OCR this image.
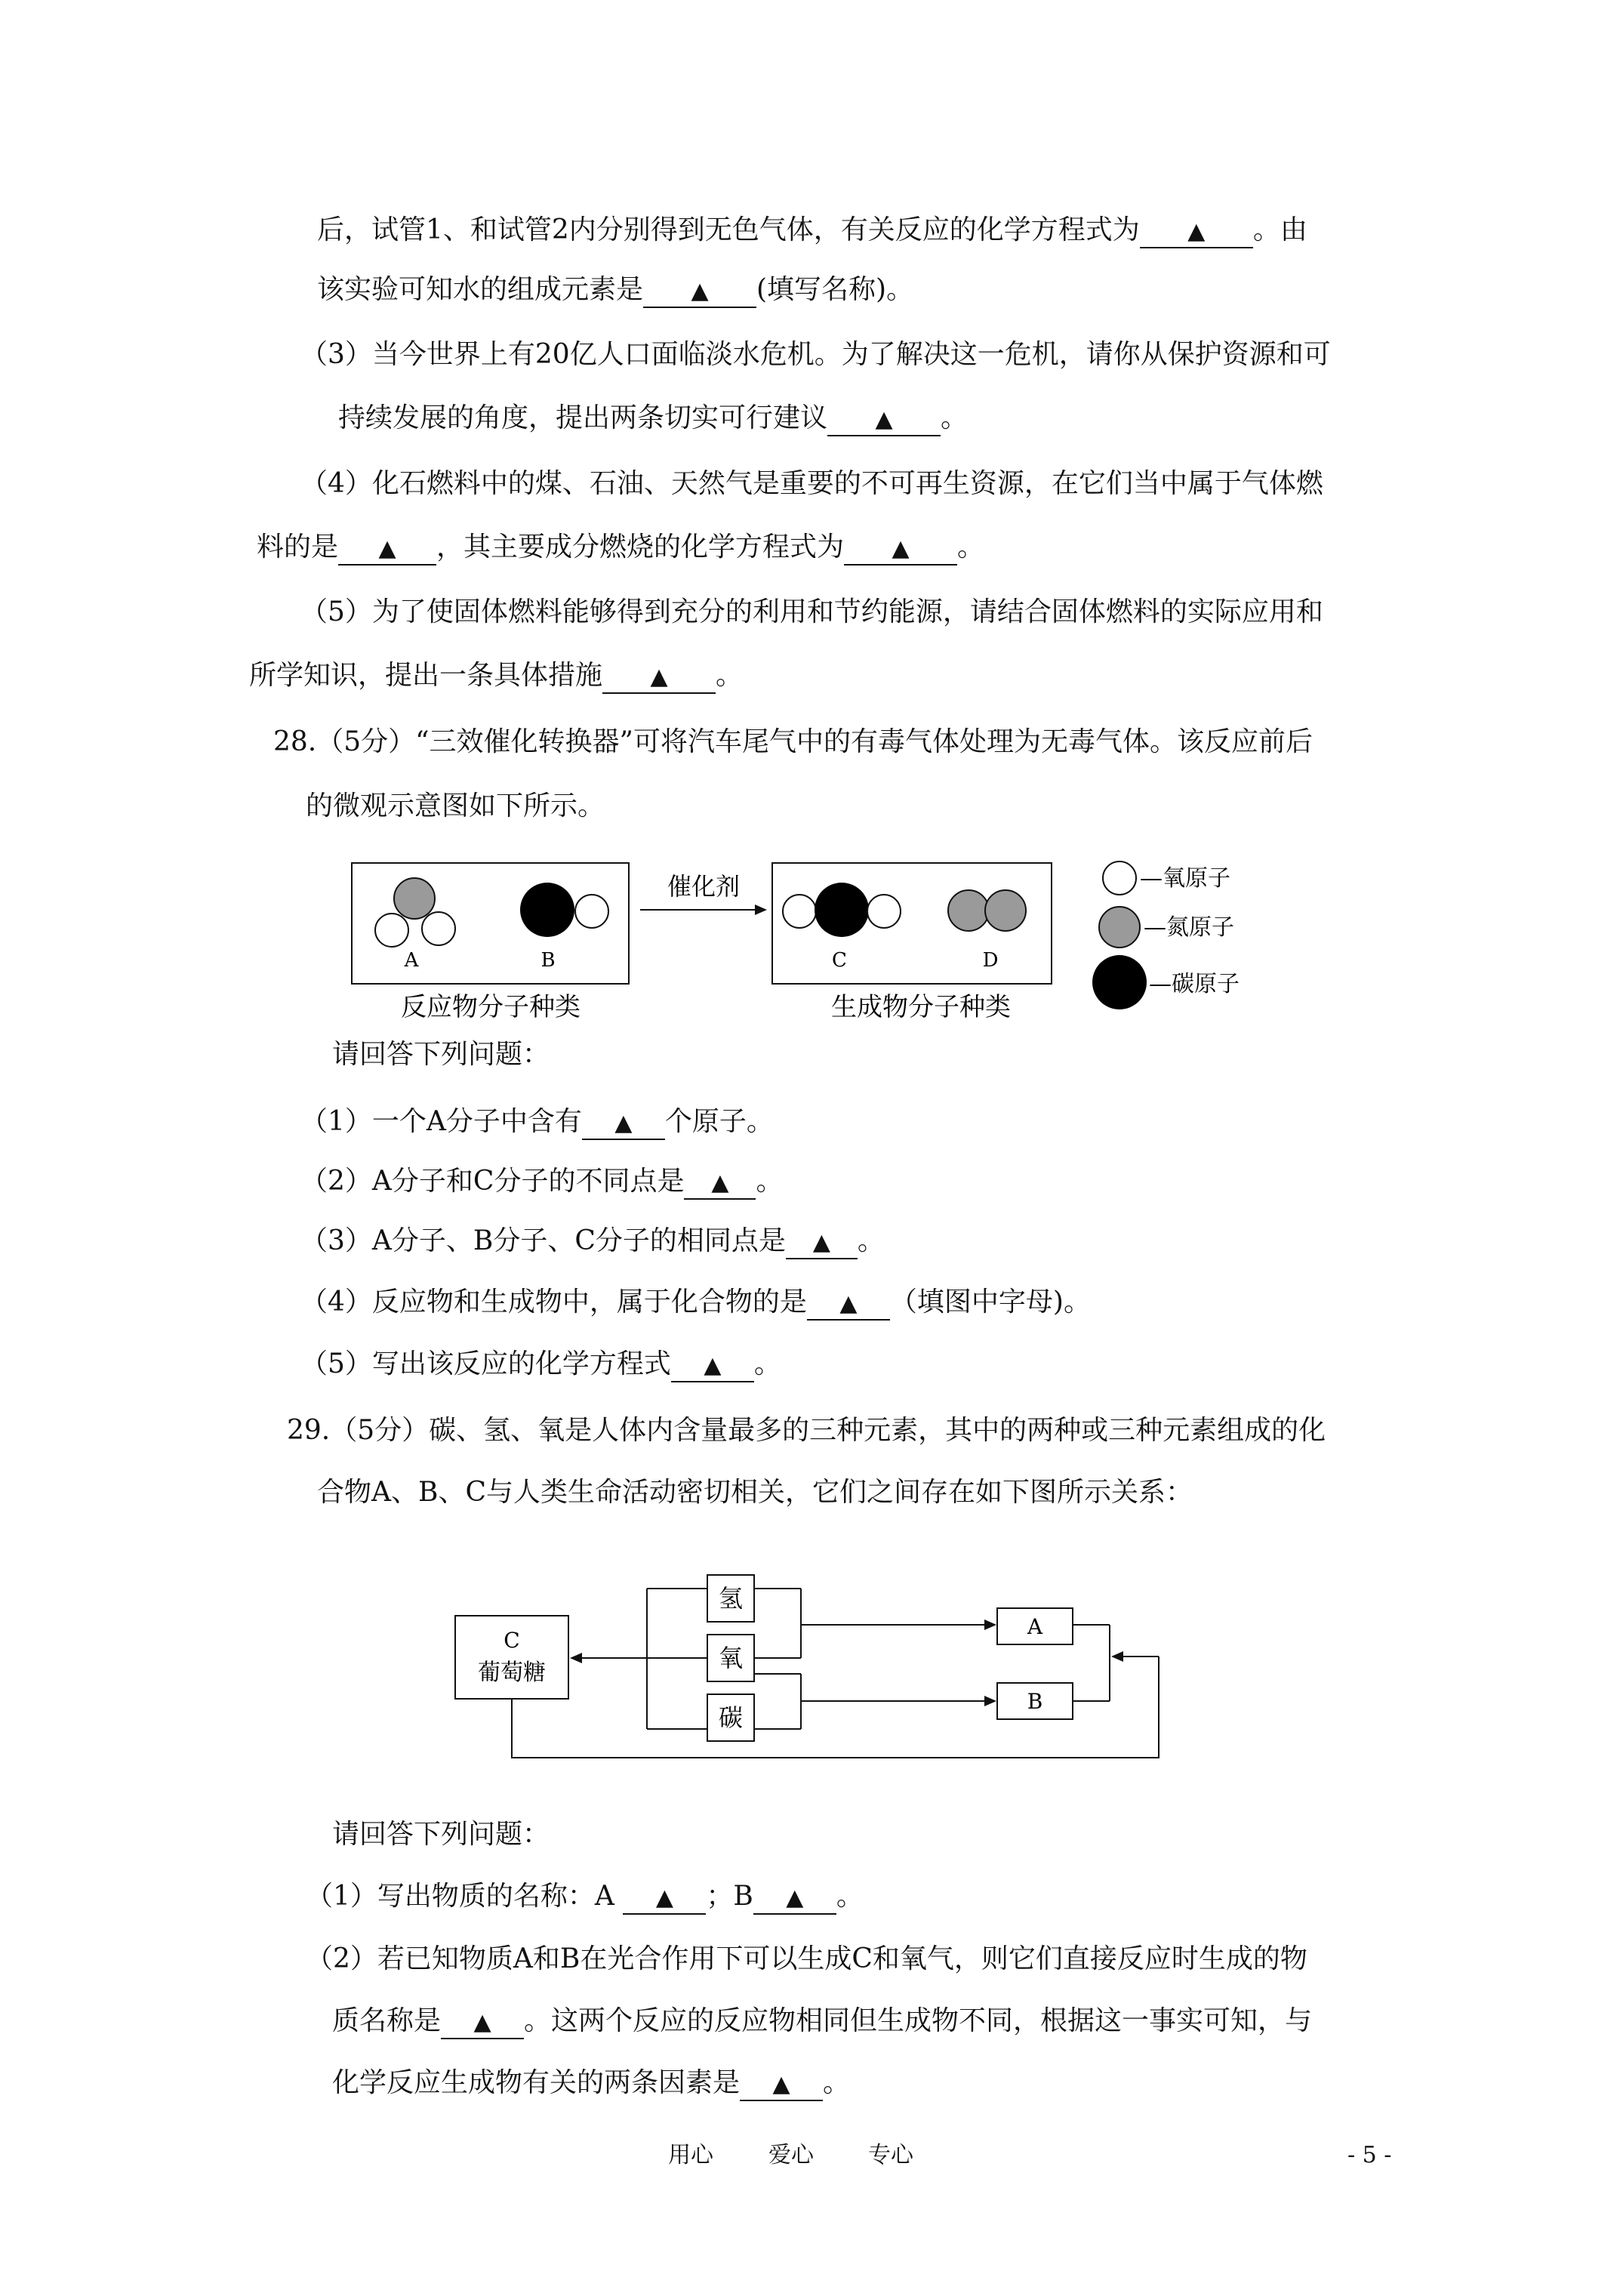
后，试管1、和试管2内分别得到无色气体，有关反应的化学方程式为 ▲ 。由
该实验可知水的组成元素是 ▲ (填写名称)。
（3）当今世界上有20亿人口面临淡水危机。为了解决这一危机，请你从保护资源和可
持续发展的角度，提出两条切实可行建议 ▲ 。
（4）化石燃料中的煤、石油、天然气是重要的不可再生资源，在它们当中属于气体燃
料的是 ▲ ，其主要成分燃烧的化学方程式为 ▲ 。
（5）为了使固体燃料能够得到充分的利用和节约能源，请结合固体燃料的实际应用和
所学知识，提出一条具体措施 ▲ 。
28.（5分）“三效催化转换器”可将汽车尾气中的有毒气体处理为无毒气体。该反应前后
的微观示意图如下所示。
A	B
反应物分子种类
催化剂
C	D
生成物分子种类
—氧原子
—氮原子
—碳原子
请回答下列问题：
（1）一个A分子中含有 ▲ 个原子。
（2）A分子和C分子的不同点是 ▲ 。
（3）A分子、B分子、C分子的相同点是 ▲ 。
（4）反应物和生成物中，属于化合物的是 ▲ （填图中字母)。
（5）写出该反应的化学方程式 ▲ 。
29.（5分）碳、氢、氧是人体内含量最多的三种元素，其中的两种或三种元素组成的化
合物A、B、C与人类生命活动密切相关，它们之间存在如下图所示关系：
C
葡萄糖
氢
氧
碳
A
B
请回答下列问题：
（1）写出物质的名称：A ▲ ；B ▲ 。
（2）若已知物质A和B在光合作用下可以生成C和氧气，则它们直接反应时生成的物
质名称是 ▲ 。这两个反应的反应物相同但生成物不同，根据这一事实可知，与
化学反应生成物有关的两条因素是 ▲ 。
用心 爱心 专心	- 5 -
